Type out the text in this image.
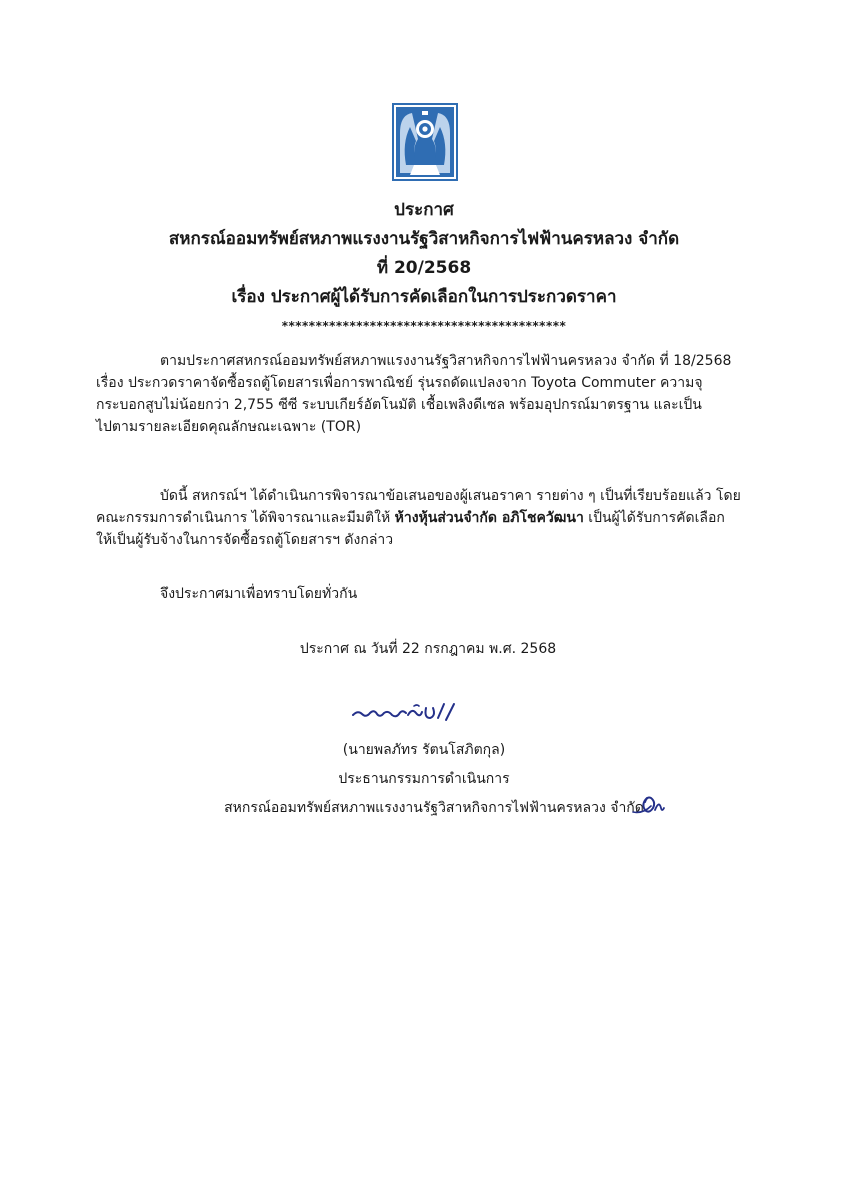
ประกาศ
สหกรณ์ออมทรัพย์สหภาพแรงงานรัฐวิสาหกิจการไฟฟ้านครหลวง จำกัด
ที่ 20/2568
เรื่อง ประกาศผู้ได้รับการคัดเลือกในการประกวดราคา
******************************************
ตามประกาศสหกรณ์ออมทรัพย์สหภาพแรงงานรัฐวิสาหกิจการไฟฟ้านครหลวง จำกัด ที่ 18/2568
เรื่อง ประกวดราคาจัดซื้อรถตู้โดยสารเพื่อการพาณิชย์ รุ่นรถดัดแปลงจาก Toyota Commuter ความจุ
กระบอกสูบไม่น้อยกว่า 2,755 ซีซี ระบบเกียร์อัตโนมัติ เชื้อเพลิงดีเซล พร้อมอุปกรณ์มาตรฐาน และเป็น
ไปตามรายละเอียดคุณลักษณะเฉพาะ (TOR)
บัดนี้ สหกรณ์ฯ ได้ดำเนินการพิจารณาข้อเสนอของผู้เสนอราคา รายต่าง ๆ เป็นที่เรียบร้อยแล้ว โดย
คณะกรรมการดำเนินการ ได้พิจารณาและมีมติให้ ห้างหุ้นส่วนจำกัด อภิโชควัฒนา เป็นผู้ได้รับการคัดเลือก
ให้เป็นผู้รับจ้างในการจัดซื้อรถตู้โดยสารฯ ดังกล่าว
จึงประกาศมาเพื่อทราบโดยทั่วกัน
ประกาศ ณ วันที่ 22 กรกฎาคม พ.ศ. 2568
(นายพลภัทร รัตนโสภิตกุล)
ประธานกรรมการดำเนินการ
สหกรณ์ออมทรัพย์สหภาพแรงงานรัฐวิสาหกิจการไฟฟ้านครหลวง จำกัด
